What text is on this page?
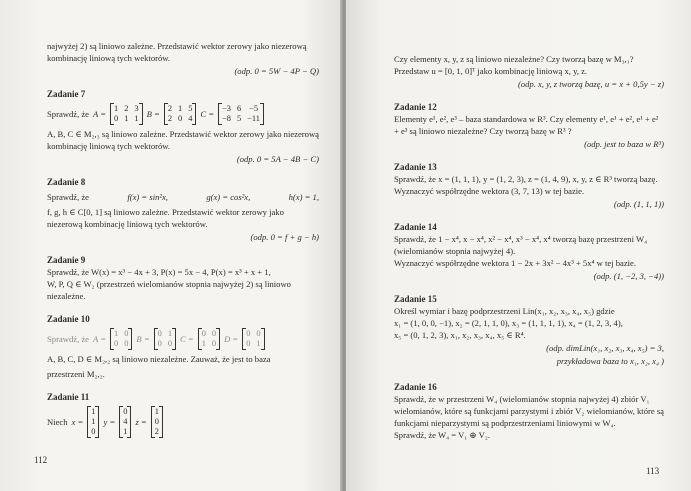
najwyżej 2) są liniowo zależne. Przedstawić wektor zerowy jako niezerową kombinację liniową tych wektorów.

(odp. 0 = 5W − 4P − Q)

Zadanie 7

Sprawdź, że A =
1 2 3
0 1 1 B =
2 1 5
2 0 4 C =
−3 6 −5
−8 5 −11

A, B, C ∈ M₂,₃ są liniowo zależne. Przedstawić wektor zerowy jako niezerową kombinację liniową tych wektorów.

(odp. 0 = 5A − 4B − C)

Zadanie 8

Sprawdź, że	f(x) = sin²x,	g(x) = cos²x,	h(x) = 1,

f, g, h ∈ C[0, 1] są liniowo zależne. Przedstawić wektor zerowy jako niezerową kombinację liniową tych wektorów.

(odp. 0 = f + g − h)

Zadanie 9

Sprawdź, że W(x) = x³ − 4x + 3, P(x) = 5x − 4, P(x) = x³ + x + 1,

W, P, Q ∈ W₂ (przestrzeń wielomianów stopnia najwyżej 2) są liniowo niezależne.

Zadanie 10

Sprawdź, że A =
1 0
0 0 B =
0 1
0 0 C =
0 0
1 0 D =
0 0
0 1

A, B, C, D ∈ M₂,₂ są liniowo niezależne. Zauważ, że jest to baza

przestrzeni M₂,₂.

Zadanie 11

Niech x =
1
1
0
y =
0
4
1
z =
1
0
2
112

Czy elementy x, y, z są liniowo niezależne? Czy tworzą bazę w M₃,₁? Przedstaw u = [0, 1, 0]ᵀ jako kombinację liniową x, y, z.

(odp. x, y, z tworzą bazę, u = x + 0,5y − z)

Zadanie 12

Elementy e¹, e², e³ – baza standardowa w R³. Czy elementy e¹, e¹ + e², e¹ + e² + e³ są liniowo niezależne? Czy tworzą bazę w R³ ?

(odp. jest to baza w R³)

Zadanie 13

Sprawdź, że x = (1, 1, 1), y = (1, 2, 3), z = (1, 4, 9), x, y, z ∈ R³ tworzą bazę. Wyznaczyć współrzędne wektora (3, 7, 13) w tej bazie.

(odp. (1, 1, 1))

Zadanie 14

Sprawdź, że 1 − x⁴, x − x⁴, x² − x⁴, x³ − x⁴, x⁴ tworzą bazę przestrzeni W₄ (wielomianów stopnia najwyżej 4).

Wyznaczyć współrzędne wektora 1 − 2x + 3x² − 4x³ + 5x⁴ w tej bazie.

(odp. (1, −2, 3, −4))

Zadanie 15

Określ wymiar i bazę podprzestrzeni Lin(x₁, x₂, x₃, x₄, x₅) gdzie

x₁ = (1, 0, 0, −1), x₂ = (2, 1, 1, 0), x₃ = (1, 1, 1, 1), x₄ = (1, 2, 3, 4),

x₅ = (0, 1, 2, 3), x₁, x₂, x₃, x₄, x₅ ∈ R⁴.

(odp. dimLin(x₁, x₂, x₃, x₄, x₅) = 3,

przykładowa baza to x₁, x₂, x₄ )

Zadanie 16

Sprawdź, że w przestrzeni W₄ (wielomianów stopnia najwyżej 4) zbiór V₁ wielomianów, które są funkcjami parzystymi i zbiór V₂ wielomianów, które są funkcjami nieparzystymi są podprzestrzeniami liniowymi w W₄.

Sprawdź, że W₄ = V₁ ⊕ V₂.

113
